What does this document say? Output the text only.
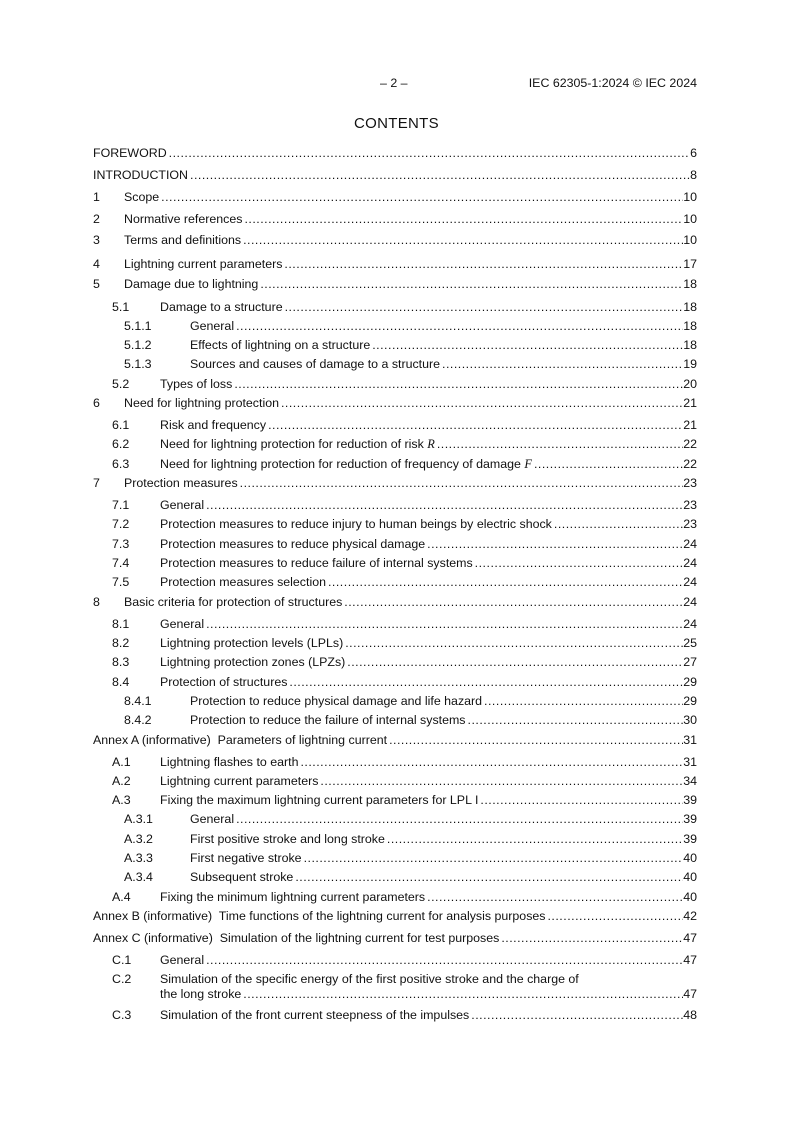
– 2 –	IEC 62305-1:2024 © IEC 2024
CONTENTS
FOREWORD .....	6
INTRODUCTION .....	8
1 Scope .....	10
2 Normative references .....	10
3 Terms and definitions .....	10
4 Lightning current parameters .....	17
5 Damage due to lightning .....	18
5.1 Damage to a structure .....	18
5.1.1	General .....	18
5.1.2	Effects of lightning on a structure .....	18
5.1.3	Sources and causes of damage to a structure .....	19
5.2 Types of loss .....	20
6 Need for lightning protection .....	21
6.1 Risk and frequency .....	21
6.2 Need for lightning protection for reduction of risk R .....	22
6.3 Need for lightning protection for reduction of frequency of damage F .....	22
7 Protection measures .....	23
7.1 General .....	23
7.2 Protection measures to reduce injury to human beings by electric shock .....	23
7.3 Protection measures to reduce physical damage .....	24
7.4 Protection measures to reduce failure of internal systems .....	24
7.5 Protection measures selection .....	24
8 Basic criteria for protection of structures .....	24
8.1 General .....	24
8.2 Lightning protection levels (LPLs) .....	25
8.3 Lightning protection zones (LPZs) .....	27
8.4 Protection of structures .....	29
8.4.1	Protection to reduce physical damage and life hazard .....	29
8.4.2	Protection to reduce the failure of internal systems .....	30
Annex A (informative)  Parameters of lightning current .....	31
A.1 Lightning flashes to earth .....	31
A.2 Lightning current parameters .....	34
A.3 Fixing the maximum lightning current parameters for LPL I .....	39
A.3.1	General .....	39
A.3.2	First positive stroke and long stroke .....	39
A.3.3	First negative stroke .....	40
A.3.4	Subsequent stroke .....	40
A.4 Fixing the minimum lightning current parameters .....	40
Annex B (informative)  Time functions of the lightning current for analysis purposes .....	42
Annex C (informative)  Simulation of the lightning current for test purposes .....	47
C.1 General .....	47
C.2 Simulation of the specific energy of the first positive stroke and the charge of
the long stroke .....	47
C.3 Simulation of the front current steepness of the impulses .....	48
